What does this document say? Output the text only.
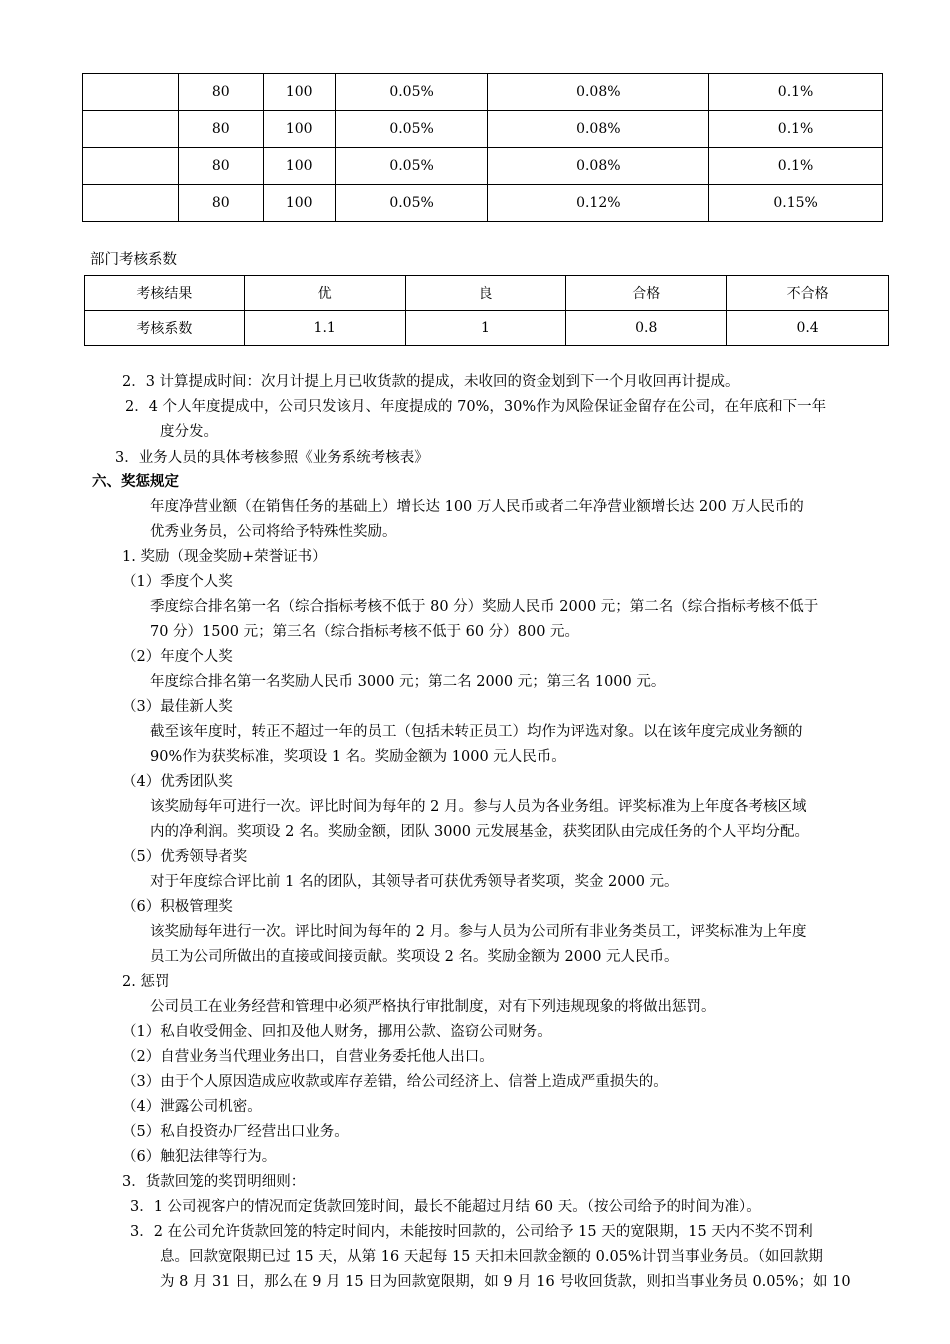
	80	100	0.05%	0.08%	0.1%
	80	100	0.05%	0.08%	0.1%
	80	100	0.05%	0.08%	0.1%
	80	100	0.05%	0.12%	0.15%
部门考核系数
考核结果	优	良	合格	不合格
考核系数	1.1	1	0.8	0.4
2．3 计算提成时间：次月计提上月已收货款的提成，未收回的资金划到下一个月收回再计提成。
2．4 个人年度提成中，公司只发该月、年度提成的 70%，30%作为风险保证金留存在公司，在年底和下一年
度分发。
3．业务人员的具体考核参照《业务系统考核表》
六、奖惩规定
年度净营业额（在销售任务的基础上）增长达 100 万人民币或者二年净营业额增长达 200 万人民币的
优秀业务员，公司将给予特殊性奖励。
1. 奖励（现金奖励+荣誉证书）
（1）季度个人奖
季度综合排名第一名（综合指标考核不低于 80 分）奖励人民币 2000 元；第二名（综合指标考核不低于
70 分）1500 元；第三名（综合指标考核不低于 60 分）800 元。
（2）年度个人奖
年度综合排名第一名奖励人民币 3000 元；第二名 2000 元；第三名 1000 元。
（3）最佳新人奖
截至该年度时，转正不超过一年的员工（包括未转正员工）均作为评选对象。以在该年度完成业务额的
90%作为获奖标准，奖项设 1 名。奖励金额为 1000 元人民币。
（4）优秀团队奖
该奖励每年可进行一次。评比时间为每年的 2 月。参与人员为各业务组。评奖标准为上年度各考核区域
内的净利润。奖项设 2 名。奖励金额，团队 3000 元发展基金，获奖团队由完成任务的个人平均分配。
（5）优秀领导者奖
对于年度综合评比前 1 名的团队，其领导者可获优秀领导者奖项，奖金 2000 元。
（6）积极管理奖
该奖励每年进行一次。评比时间为每年的 2 月。参与人员为公司所有非业务类员工，评奖标准为上年度
员工为公司所做出的直接或间接贡献。奖项设 2 名。奖励金额为 2000 元人民币。
2. 惩罚
公司员工在业务经营和管理中必须严格执行审批制度，对有下列违规现象的将做出惩罚。
（1）私自收受佣金、回扣及他人财务，挪用公款、盗窃公司财务。
（2）自营业务当代理业务出口，自营业务委托他人出口。
（3）由于个人原因造成应收款或库存差错，给公司经济上、信誉上造成严重损失的。
（4）泄露公司机密。
（5）私自投资办厂经营出口业务。
（6）触犯法律等行为。
3．货款回笼的奖罚明细则：
3．1 公司视客户的情况而定货款回笼时间，最长不能超过月结 60 天。（按公司给予的时间为准）。
3．2 在公司允许货款回笼的特定时间内，未能按时回款的，公司给予 15 天的宽限期，15 天内不奖不罚利
息。回款宽限期已过 15 天，从第 16 天起每 15 天扣未回款金额的 0.05%计罚当事业务员。（如回款期
为 8 月 31 日，那么在 9 月 15 日为回款宽限期，如 9 月 16 号收回货款，则扣当事业务员 0.05%；如 10
